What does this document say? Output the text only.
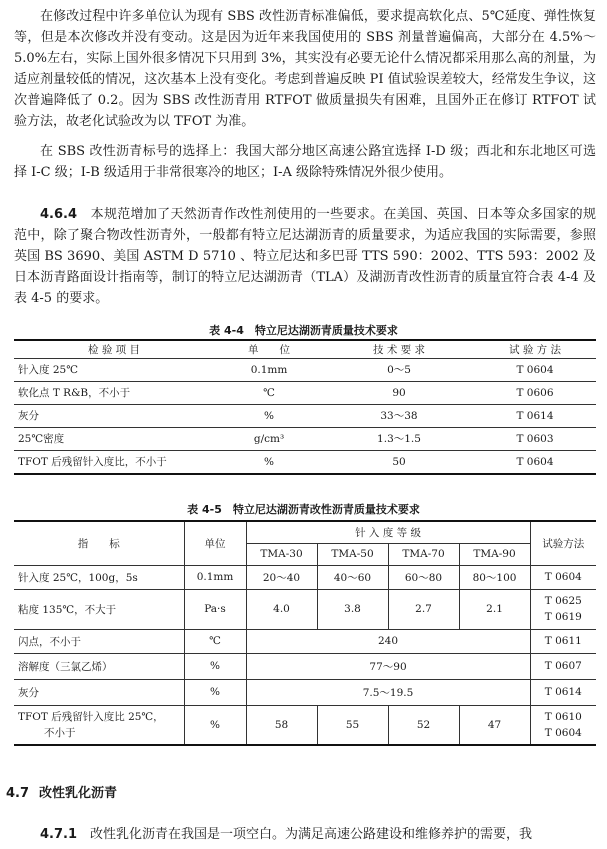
在修改过程中许多单位认为现有 SBS 改性沥青标准偏低，要求提高软化点、5℃延度、弹性恢复等，但是本次修改并没有变动。这是因为近年来我国使用的 SBS 剂量普遍偏高，大部分在 4.5%～5.0%左右，实际上国外很多情况下只用到 3%，其实没有必要无论什么情况都采用那么高的剂量，为适应剂量较低的情况，这次基本上没有变化。考虑到普遍反映 PI 值试验误差较大，经常发生争议，这次普遍降低了 0.2。因为 SBS 改性沥青用 RTFOT 做质量损失有困难，且国外正在修订 RTFOT 试验方法，故老化试验改为以 TFOT 为准。

在 SBS 改性沥青标号的选择上：我国大部分地区高速公路宜选择 I-D 级；西北和东北地区可选择 I-C 级；I-B 级适用于非常很寒冷的地区；I-A 级除特殊情况外很少使用。

4.6.4　 本规范增加了天然沥青作改性剂使用的一些要求。在美国、英国、日本等众多国家的规范中，除了聚合物改性沥青外，一般都有特立尼达湖沥青的质量要求，为适应我国的实际需要，参照英国 BS 3690、美国 ASTM D 5710 、特立尼达和多巴哥 TTS 590：2002、TTS 593：2002 及日本沥青路面设计指南等，制订的特立尼达湖沥青（TLA）及湖沥青改性沥青的质量宜符合表 4-4 及表 4-5 的要求。

表 4-4　特立尼达湖沥青质量技术要求

检 验 项 目	单　　位	技 术 要 求	试 验 方 法
针入度 25℃	0.1mm	0～5	T 0604
软化点 T R&B，不小于	℃	90	T 0606
灰分	%	33～38	T 0614
25℃密度	g/cm³	1.3～1.5	T 0603
TFOT 后残留针入度比，不小于	%	50	T 0604

表 4-5　特立尼达湖沥青改性沥青质量技术要求

指　　标	单位	针 入 度 等 级				试验方法
		TMA-30	TMA-50	TMA-70	TMA-90	
针入度 25℃，100g，5s	0.1mm	20～40	40～60	60～80	80～100	T 0604
粘度 135℃，不大于	Pa·s	4.0	3.8	2.7	2.1	T 0625
T 0619

闪点，不小于	℃	240				T 0611
溶解度（三氯乙烯）	%	77～90				T 0607
灰分	%	7.5～19.5				T 0614

TFOT 后残留针入度比 25℃，
不小于	%	58	55	52	47	T 0610
T 0604
4.7 改性乳化沥青

4.7.1　 改性乳化沥青在我国是一项空白。为满足高速公路建设和维修养护的需要，我
